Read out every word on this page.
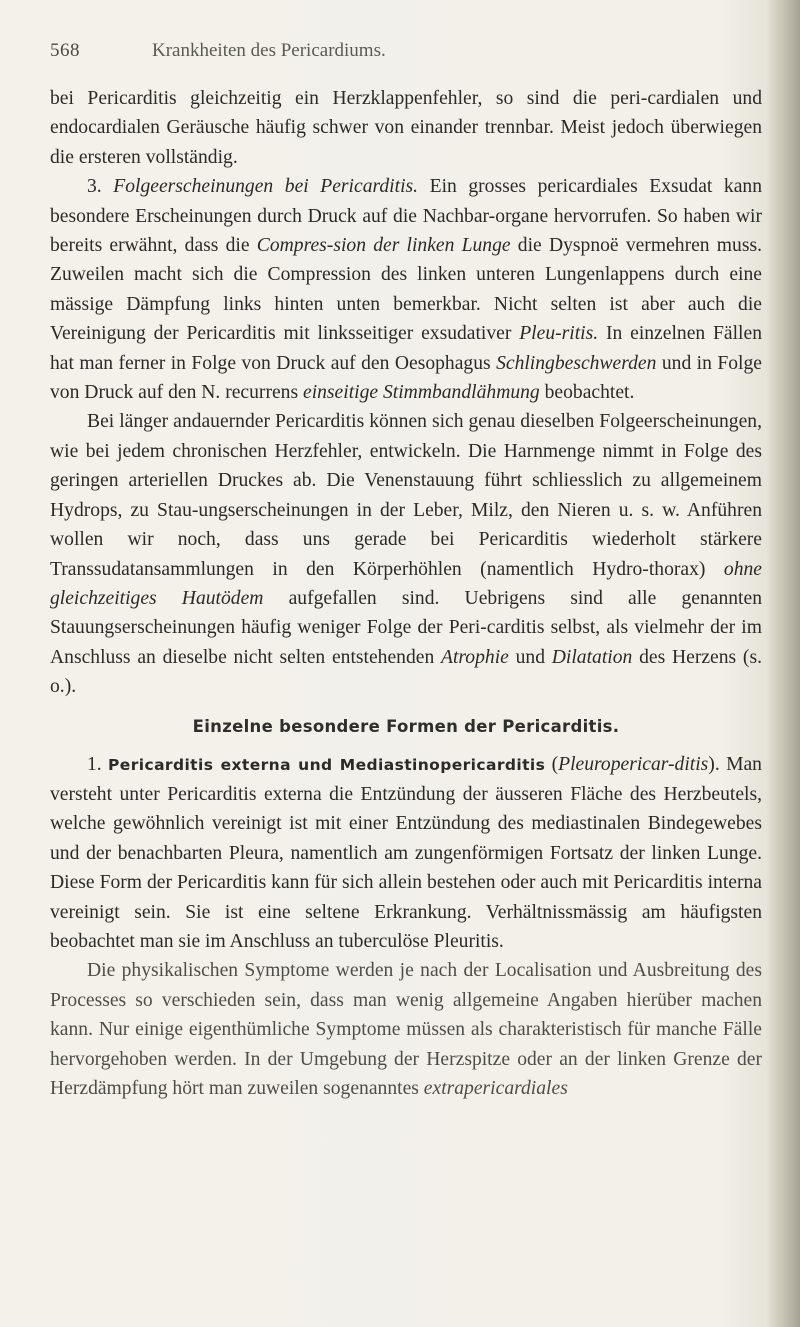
568	Krankheiten des Pericardiums.

bei Pericarditis gleichzeitig ein Herzklappenfehler, so sind die peri-cardialen und endocardialen Geräusche häufig schwer von einander trennbar. Meist jedoch überwiegen die ersteren vollständig.

3. Folgeerscheinungen bei Pericarditis. Ein grosses pericardiales Exsudat kann besondere Erscheinungen durch Druck auf die Nachbar-organe hervorrufen. So haben wir bereits erwähnt, dass die Compres-sion der linken Lunge die Dyspnoë vermehren muss. Zuweilen macht sich die Compression des linken unteren Lungenlappens durch eine mässige Dämpfung links hinten unten bemerkbar. Nicht selten ist aber auch die Vereinigung der Pericarditis mit linksseitiger exsudativer Pleu-ritis. In einzelnen Fällen hat man ferner in Folge von Druck auf den Oesophagus Schlingbeschwerden und in Folge von Druck auf den N. recurrens einseitige Stimmbandlähmung beobachtet.

Bei länger andauernder Pericarditis können sich genau dieselben Folgeerscheinungen, wie bei jedem chronischen Herzfehler, entwickeln. Die Harnmenge nimmt in Folge des geringen arteriellen Druckes ab. Die Venenstauung führt schliesslich zu allgemeinem Hydrops, zu Stau-ungserscheinungen in der Leber, Milz, den Nieren u. s. w. Anführen wollen wir noch, dass uns gerade bei Pericarditis wiederholt stärkere Transsudatansammlungen in den Körperhöhlen (namentlich Hydro-thorax) ohne gleichzeitiges Hautödem aufgefallen sind. Uebrigens sind alle genannten Stauungserscheinungen häufig weniger Folge der Peri-carditis selbst, als vielmehr der im Anschluss an dieselbe nicht selten entstehenden Atrophie und Dilatation des Herzens (s. o.).

Einzelne besondere Formen der Pericarditis.

1. Pericarditis externa und Mediastinopericarditis (Pleuropericar-ditis). Man versteht unter Pericarditis externa die Entzündung der äusseren Fläche des Herzbeutels, welche gewöhnlich vereinigt ist mit einer Entzündung des mediastinalen Bindegewebes und der benachbarten Pleura, namentlich am zungenförmigen Fortsatz der linken Lunge. Diese Form der Pericarditis kann für sich allein bestehen oder auch mit Pericarditis interna vereinigt sein. Sie ist eine seltene Erkrankung. Verhältnissmässig am häufigsten beobachtet man sie im Anschluss an tuberculöse Pleuritis.

Die physikalischen Symptome werden je nach der Localisation und Ausbreitung des Processes so verschieden sein, dass man wenig allgemeine Angaben hierüber machen kann. Nur einige eigenthümliche Symptome müssen als charakteristisch für manche Fälle hervorgehoben werden. In der Umgebung der Herzspitze oder an der linken Grenze der Herzdämpfung hört man zuweilen sogenanntes extrapericardiales
